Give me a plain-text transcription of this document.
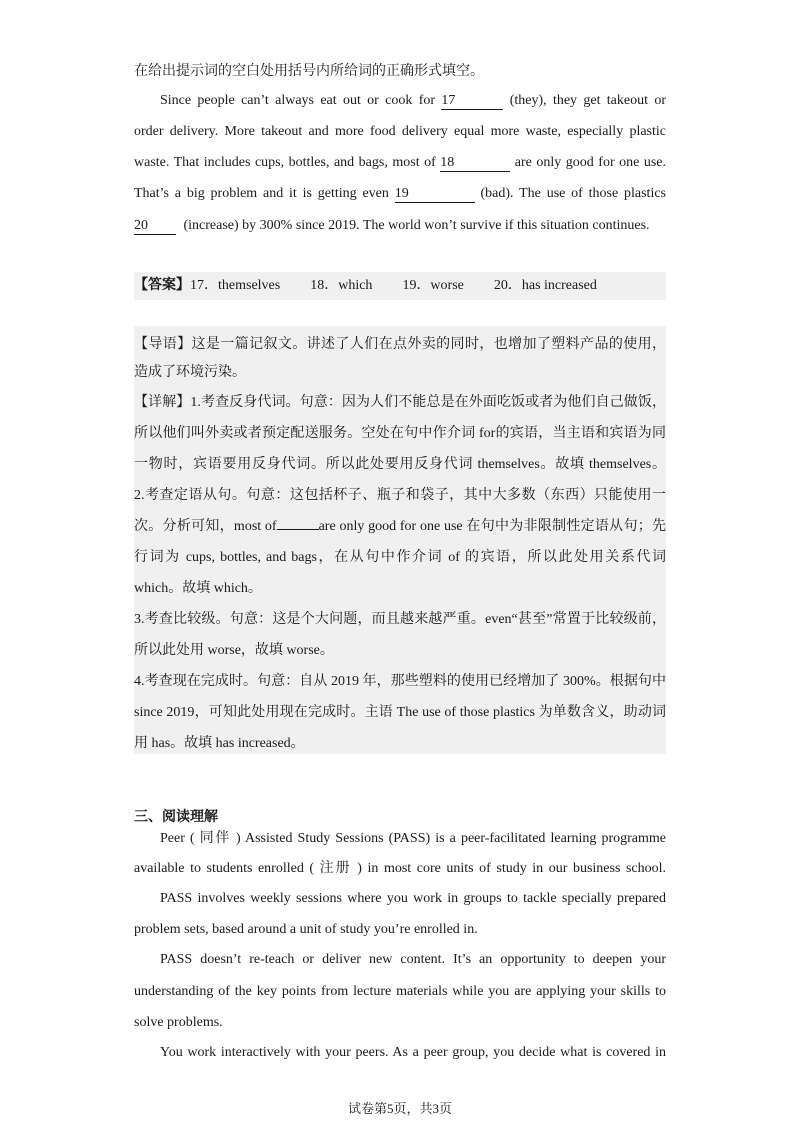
在给出提示词的空白处用括号内所给词的正确形式填空。
Since people can’t always eat out or cook for 17	(they), they get takeout or
order delivery. More takeout and more food delivery equal more waste, especially plastic
waste. That includes cups, bottles, and bags, most of 18	are only good for one use.
That’s a big problem and it is getting even 19	(bad). The use of those plastics
20	(increase) by 300% since 2019. The world won’t survive if this situation continues.
【答案】17．themselves 18．which 19．worse 20．has increased
【导语】这是一篇记叙文。讲述了人们在点外卖的同时，也增加了塑料产品的使用，
造成了环境污染。
【详解】1.考查反身代词。句意：因为人们不能总是在外面吃饭或者为他们自己做饭，
所以他们叫外卖或者预定配送服务。空处在句中作介词 for的宾语，当主语和宾语为同
一物时，宾语要用反身代词。所以此处要用反身代词 themselves。故填 themselves。
2.考查定语从句。句意：这包括杯子、瓶子和袋子，其中大多数（东西）只能使用一
次。分析可知，most of	are only good for one use 在句中为非限制性定语从句；先
行词为 cups, bottles, and bags，在从句中作介词 of 的宾语，所以此处用关系代词
which。故填 which。
3.考查比较级。句意：这是个大问题，而且越来越严重。even“甚至”常置于比较级前，
所以此处用 worse，故填 worse。
4.考查现在完成时。句意：自从 2019 年，那些塑料的使用已经增加了 300%。根据句中
since 2019，可知此处用现在完成时。主语 The use of those plastics 为单数含义，助动词
用 has。故填 has increased。
三、阅读理解
Peer ( 同伴 ) Assisted Study Sessions (PASS) is a peer-facilitated learning programme
available to students enrolled ( 注册 ) in most core units of study in our business school.
PASS involves weekly sessions where you work in groups to tackle specially prepared
problem sets, based around a unit of study you’re enrolled in.
PASS doesn’t re-teach or deliver new content. It’s an opportunity to deepen your
understanding of the key points from lecture materials while you are applying your skills to
solve problems.
You work interactively with your peers. As a peer group, you decide what is covered in
试卷第5页，共3页
